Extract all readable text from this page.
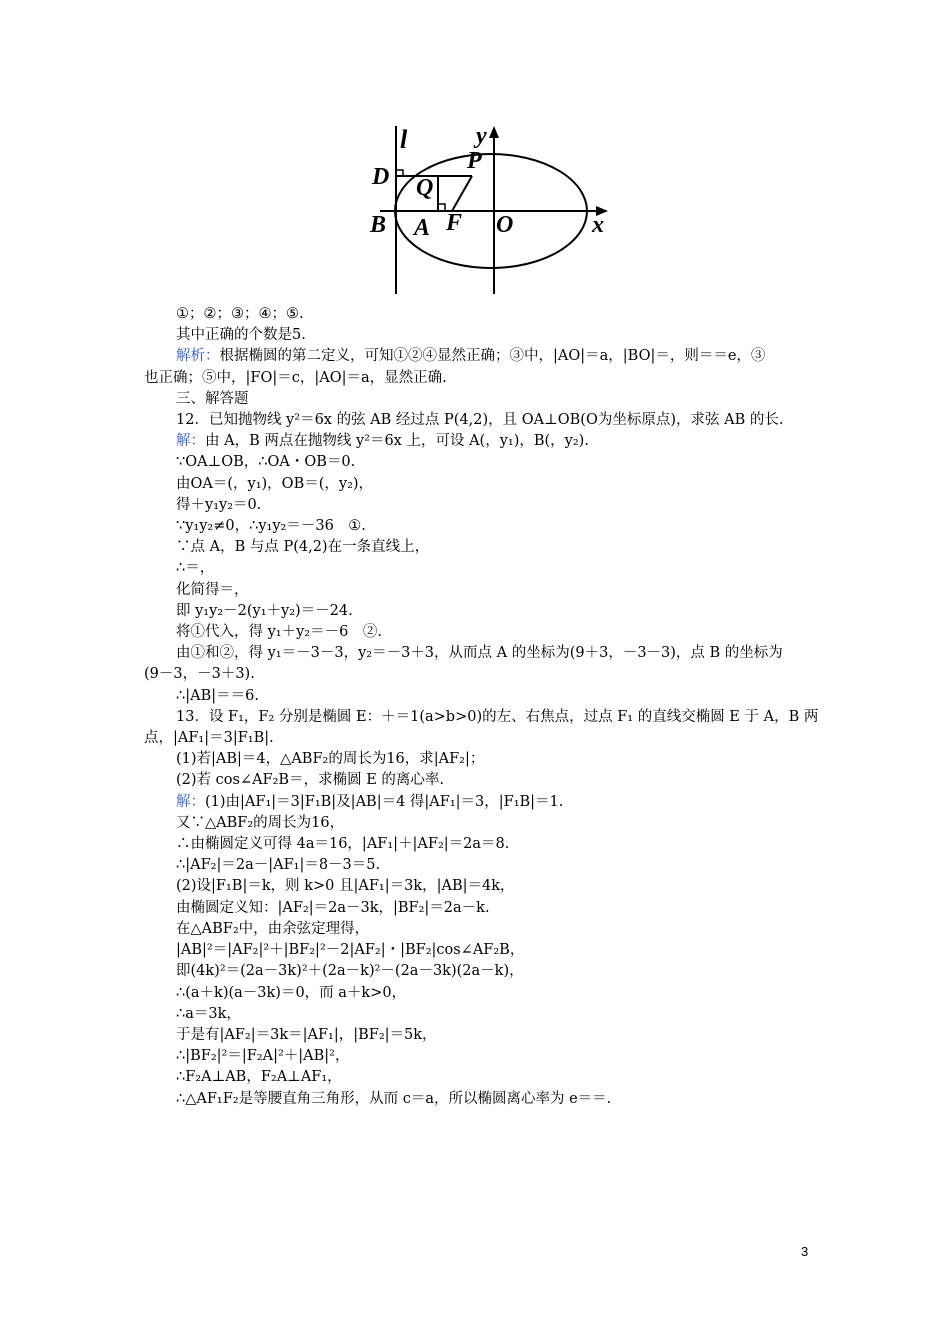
l	y
P
D Q
B A F O	x
①；②；③；④；⑤.
其中正确的个数是5.
解析：根据椭圆的第二定义，可知①②④显然正确；③中，|AO|＝a，|BO|＝，则＝＝e，③
也正确；⑤中，|FO|＝c，|AO|＝a，显然正确.
三、解答题
12．已知抛物线 y²＝6x 的弦 AB 经过点 P(4,2)，且 OA⊥OB(O为坐标原点)，求弦 AB 的长.
解：由 A，B 两点在抛物线 y²＝6x 上，可设 A(，y₁)，B(，y₂).
∵OA⊥OB，∴OA・OB＝0.
由OA＝(，y₁)，OB＝(，y₂)，
得＋y₁y₂＝0.
∵y₁y₂≠0，∴y₁y₂＝－36　①.
∵点 A，B 与点 P(4,2)在一条直线上，
∴＝，
化简得＝，
即 y₁y₂－2(y₁＋y₂)＝－24.
将①代入，得 y₁＋y₂＝－6　②.
由①和②，得 y₁＝－3－3，y₂＝－3＋3，从而点 A 的坐标为(9＋3，－3－3)，点 B 的坐标为
(9－3，－3＋3).
∴|AB|＝＝6.
13．设 F₁，F₂ 分别是椭圆 E：＋＝1(a>b>0)的左、右焦点，过点 F₁ 的直线交椭圆 E 于 A，B 两
点，|AF₁|＝3|F₁B|.
(1)若|AB|＝4，△ABF₂的周长为16，求|AF₂|；
(2)若 cos∠AF₂B＝，求椭圆 E 的离心率.
解：(1)由|AF₁|＝3|F₁B|及|AB|＝4 得|AF₁|＝3，|F₁B|＝1.
又∵△ABF₂的周长为16，
∴由椭圆定义可得 4a＝16，|AF₁|＋|AF₂|＝2a＝8.
∴|AF₂|＝2a－|AF₁|＝8－3＝5.
(2)设|F₁B|＝k，则 k>0 且|AF₁|＝3k，|AB|＝4k，
由椭圆定义知：|AF₂|＝2a－3k，|BF₂|＝2a－k.
在△ABF₂中，由余弦定理得，
|AB|²＝|AF₂|²＋|BF₂|²－2|AF₂|・|BF₂|cos∠AF₂B，
即(4k)²＝(2a－3k)²＋(2a－k)²－(2a－3k)(2a－k)，
∴(a＋k)(a－3k)＝0，而 a＋k>0，
∴a＝3k，
于是有|AF₂|＝3k＝|AF₁|，|BF₂|＝5k，
∴|BF₂|²＝|F₂A|²＋|AB|²，
∴F₂A⊥AB，F₂A⊥AF₁，
∴△AF₁F₂是等腰直角三角形，从而 c＝a，所以椭圆离心率为 e＝＝.
3
